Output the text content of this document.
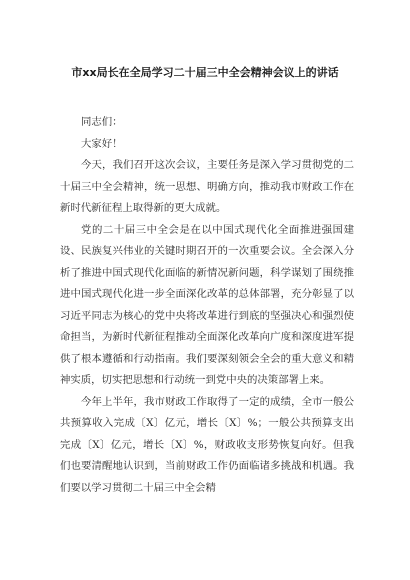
市xx局长在全局学习二十届三中全会精神会议上的讲话

同志们：

大家好！

今天，我们召开这次会议，主要任务是深入学习贯彻党的二十届三中全会精神，统一思想、明确方向，推动我市财政工作在新时代新征程上取得新的更大成就。

党的二十届三中全会是在以中国式现代化全面推进强国建设、民族复兴伟业的关键时期召开的一次重要会议。全会深入分析了推进中国式现代化面临的新情况新问题，科学谋划了围绕推进中国式现代化进一步全面深化改革的总体部署，充分彰显了以习近平同志为核心的党中央将改革进行到底的坚强决心和强烈使命担当，为新时代新征程推动全面深化改革向广度和深度进军提供了根本遵循和行动指南。我们要深刻领会全会的重大意义和精神实质，切实把思想和行动统一到党中央的决策部署上来。

今年上半年，我市财政工作取得了一定的成绩，全市一般公共预算收入完成〔X〕亿元，增长〔X〕%；一般公共预算支出完成〔X〕亿元，增长〔X〕%，财政收支形势恢复向好。但我们也要清醒地认识到，当前财政工作仍面临诸多挑战和机遇。我们要以学习贯彻二十届三中全会精
